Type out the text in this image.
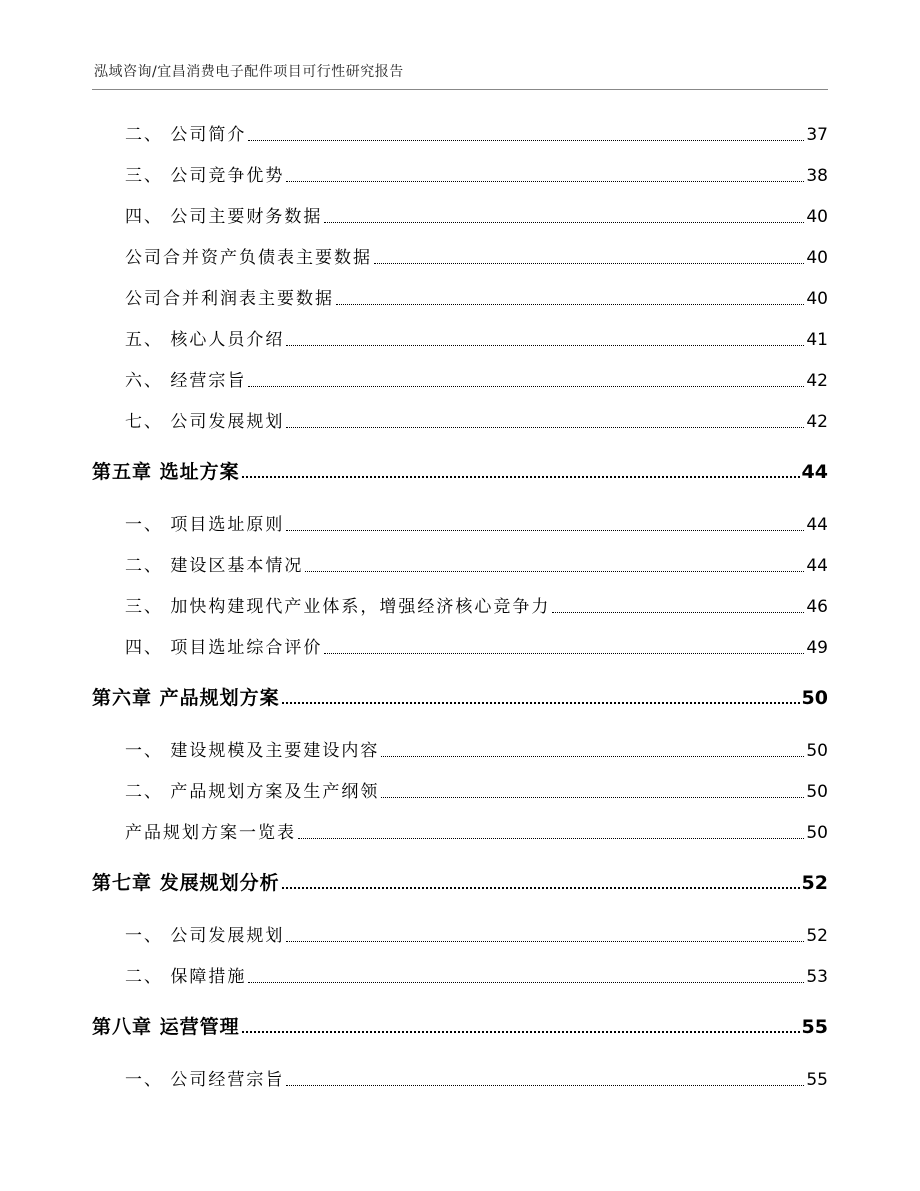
泓域咨询/宜昌消费电子配件项目可行性研究报告
二、 公司简介	37
三、 公司竞争优势	38
四、 公司主要财务数据	40
公司合并资产负债表主要数据	40
公司合并利润表主要数据	40
五、 核心人员介绍	41
六、 经营宗旨	42
七、 公司发展规划	42
第五章 选址方案	44
一、 项目选址原则	44
二、 建设区基本情况	44
三、 加快构建现代产业体系，增强经济核心竞争力	46
四、 项目选址综合评价	49
第六章 产品规划方案	50
一、 建设规模及主要建设内容	50
二、 产品规划方案及生产纲领	50
产品规划方案一览表	50
第七章 发展规划分析	52
一、 公司发展规划	52
二、 保障措施	53
第八章 运营管理	55
一、 公司经营宗旨	55
